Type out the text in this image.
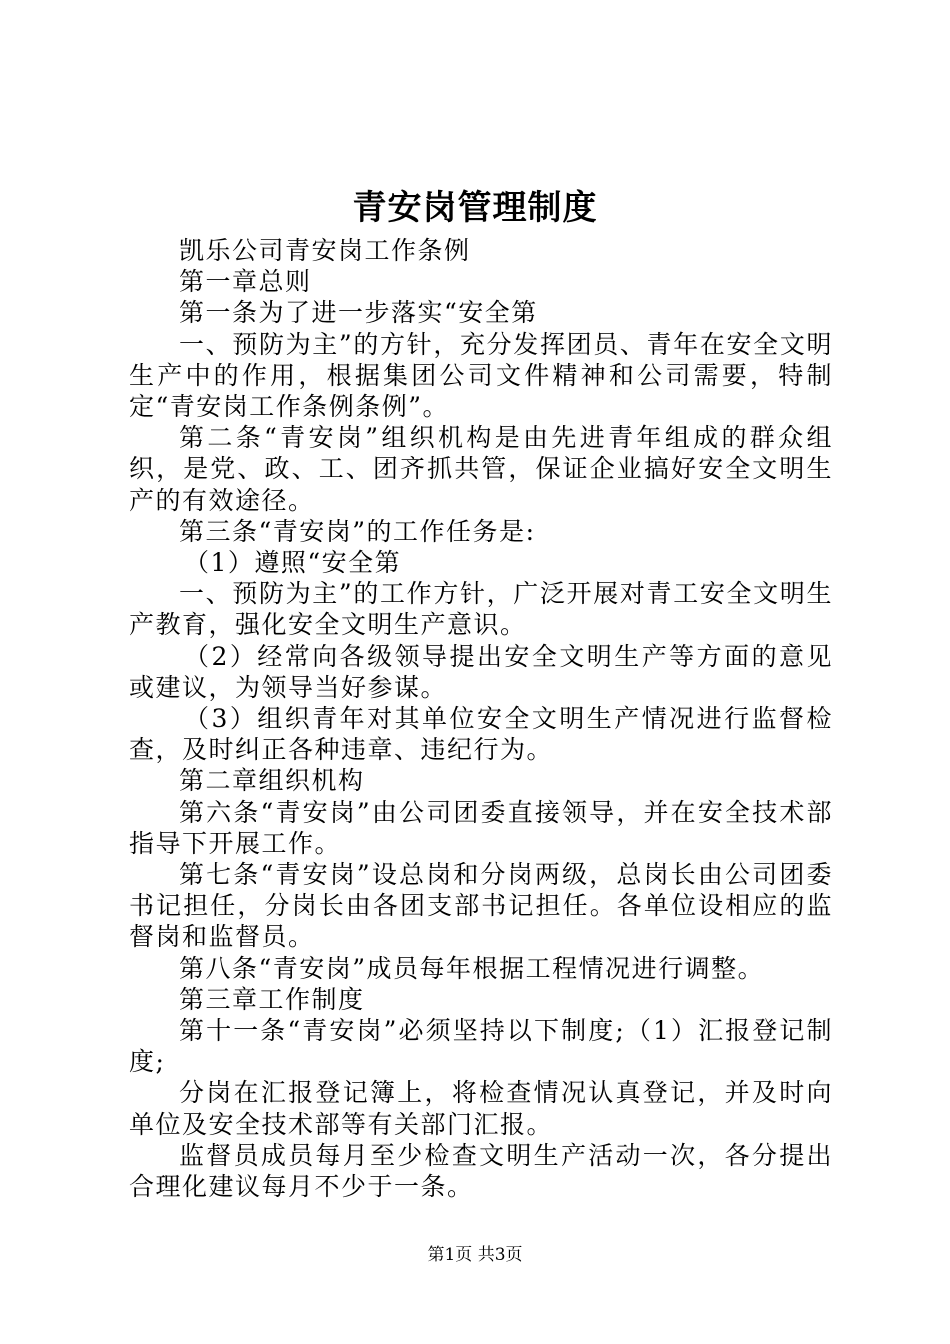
青安岗管理制度

凯乐公司青安岗工作条例

第一章总则

第一条为了进一步落实“安全第

一、预防为主”的方针，充分发挥团员、青年在安全文明生产中的作用，根据集团公司文件精神和公司需要，特制定“青安岗工作条例条例”。

第二条“青安岗”组织机构是由先进青年组成的群众组织，是党、政、工、团齐抓共管，保证企业搞好安全文明生产的有效途径。

第三条“青安岗”的工作任务是:

（1）遵照“安全第

一、预防为主”的工作方针，广泛开展对青工安全文明生产教育，强化安全文明生产意识。

（2）经常向各级领导提出安全文明生产等方面的意见或建议，为领导当好参谋。

（3）组织青年对其单位安全文明生产情况进行监督检查，及时纠正各种违章、违纪行为。

第二章组织机构

第六条“青安岗”由公司团委直接领导，并在安全技术部指导下开展工作。

第七条“青安岗”设总岗和分岗两级，总岗长由公司团委书记担任，分岗长由各团支部书记担任。各单位设相应的监督岗和监督员。

第八条“青安岗”成员每年根据工程情况进行调整。

第三章工作制度

第十一条“青安岗”必须坚持以下制度;（1）汇报登记制度;

分岗在汇报登记簿上，将检查情况认真登记，并及时向单位及安全技术部等有关部门汇报。

监督员成员每月至少检查文明生产活动一次，各分提出合理化建议每月不少于一条。

第1页 共3页
